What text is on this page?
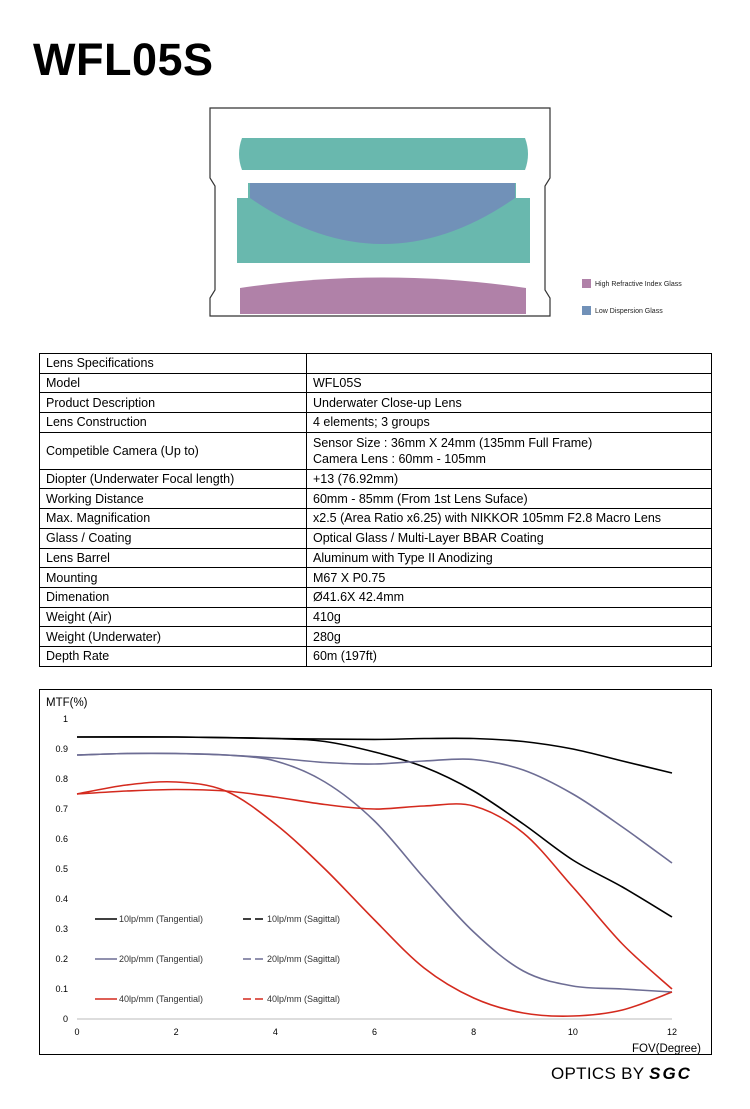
WFL05S
High Refractive Index Glass
Low Dispersion Glass
Lens Specifications	
Model	WFL05S
Product Description	Underwater Close-up Lens
Lens Construction	4 elements; 3 groups
Competible Camera (Up to)	Sensor Size : 36mm X 24mm (135mm Full Frame)
Camera Lens : 60mm - 105mm

Diopter (Underwater Focal length)	+13 (76.92mm)
Working Distance	60mm - 85mm (From 1st Lens Suface)
Max. Magnification	x2.5 (Area Ratio x6.25) with NIKKOR 105mm F2.8 Macro Lens
Glass / Coating	Optical Glass / Multi-Layer BBAR Coating
Lens Barrel	Aluminum with Type II Anodizing
Mounting	M67 X P0.75
Dimenation	Ø41.6X 42.4mm
Weight (Air)	410g
Weight (Underwater)	280g
Depth Rate	60m (197ft)
MTF(%)
FOV(Degree)
0
0.1
0.2
0.3
0.4
0.5
0.6
0.7
0.8
0.9
1
0	2	4	6	8	10	12
10lp/mm (Tangential)	10lp/mm (Sagittal)
20lp/mm (Tangential)	20lp/mm (Sagittal)
40lp/mm (Tangential)	40lp/mm (Sagittal)
OPTICS BY SGC
